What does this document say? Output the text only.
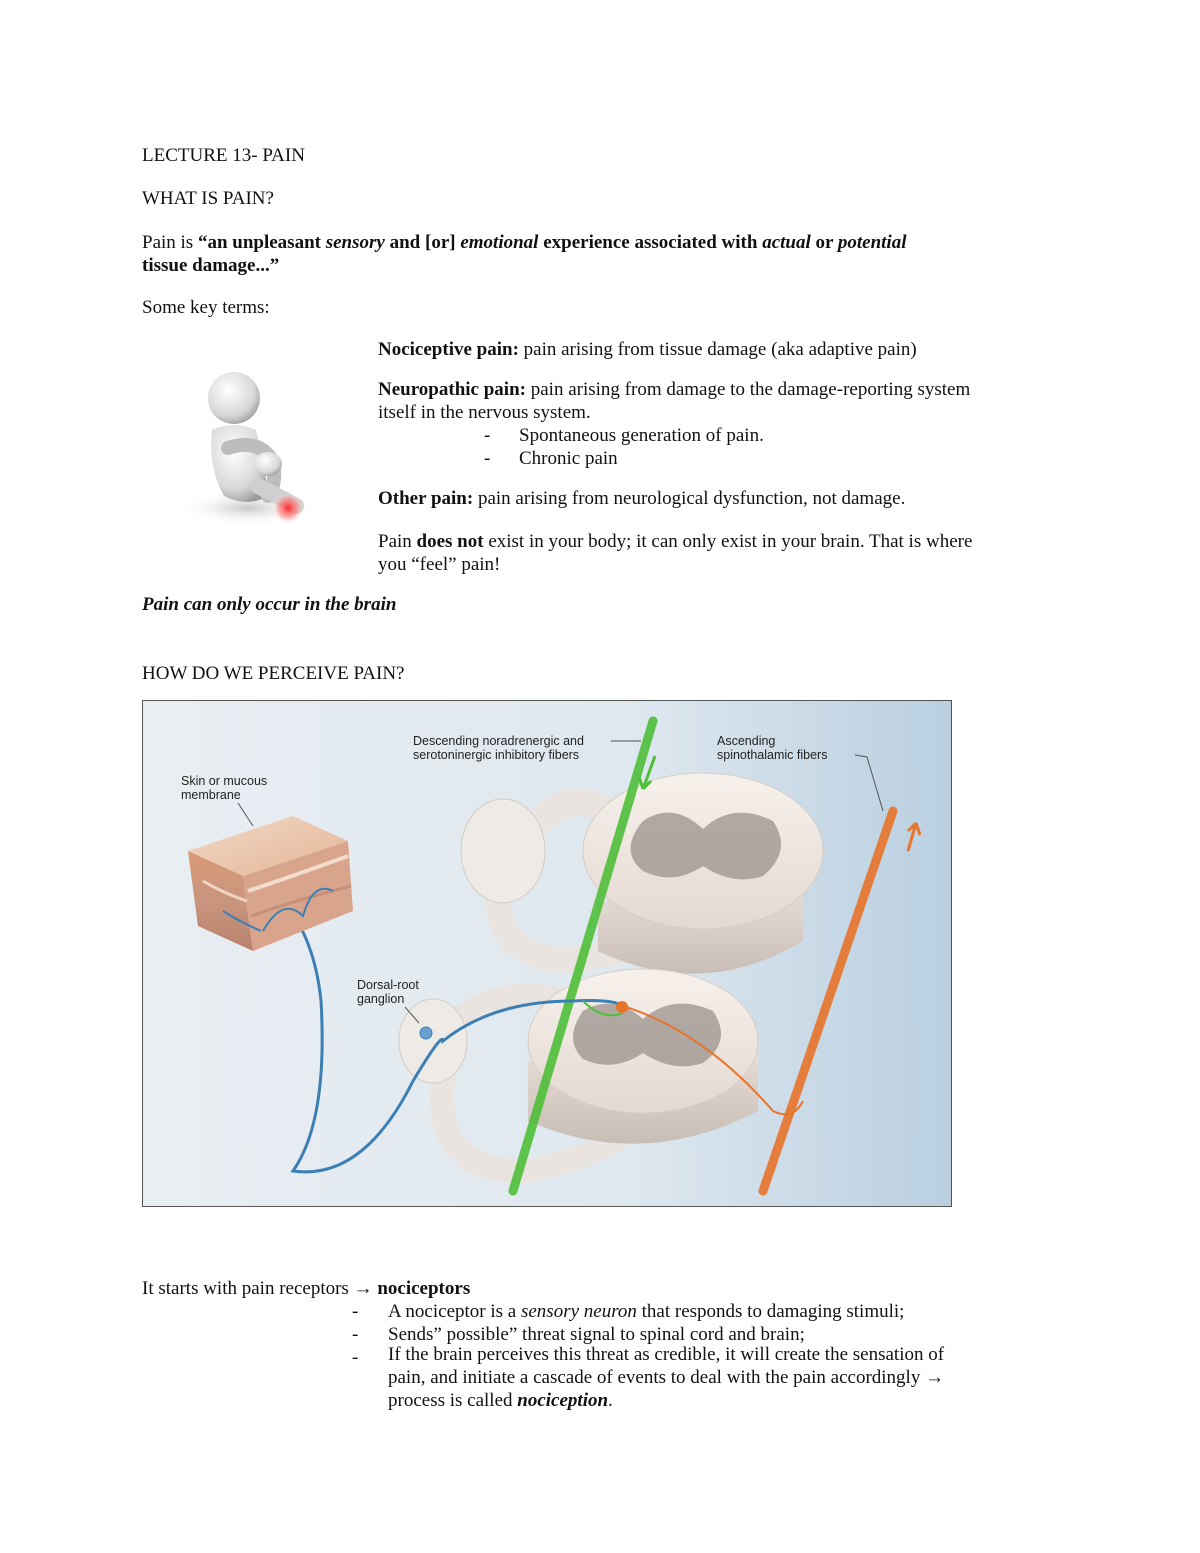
LECTURE 13- PAIN
WHAT IS PAIN?
Pain is “an unpleasant sensory and [or] emotional experience associated with actual or potential
tissue damage...”
Some key terms:
Nociceptive pain: pain arising from tissue damage (aka adaptive pain)
Neuropathic pain: pain arising from damage to the damage-reporting system
itself in the nervous system.
- Spontaneous generation of pain.
- Chronic pain
Other pain: pain arising from neurological dysfunction, not damage.
Pain does not exist in your body; it can only exist in your brain. That is where
you “feel” pain!
Pain can only occur in the brain
HOW DO WE PERCEIVE PAIN?
Skin or mucous
membrane
Descending noradrenergic and
serotoninergic inhibitory fibers
Ascending
spinothalamic fibers
Dorsal-root
ganglion
It starts with pain receptors → nociceptors
- A nociceptor is a sensory neuron that responds to damaging stimuli;
- Sends” possible” threat signal to spinal cord and brain;
- If the brain perceives this threat as credible, it will create the sensation of
pain, and initiate a cascade of events to deal with the pain accordingly →
process is called nociception.
